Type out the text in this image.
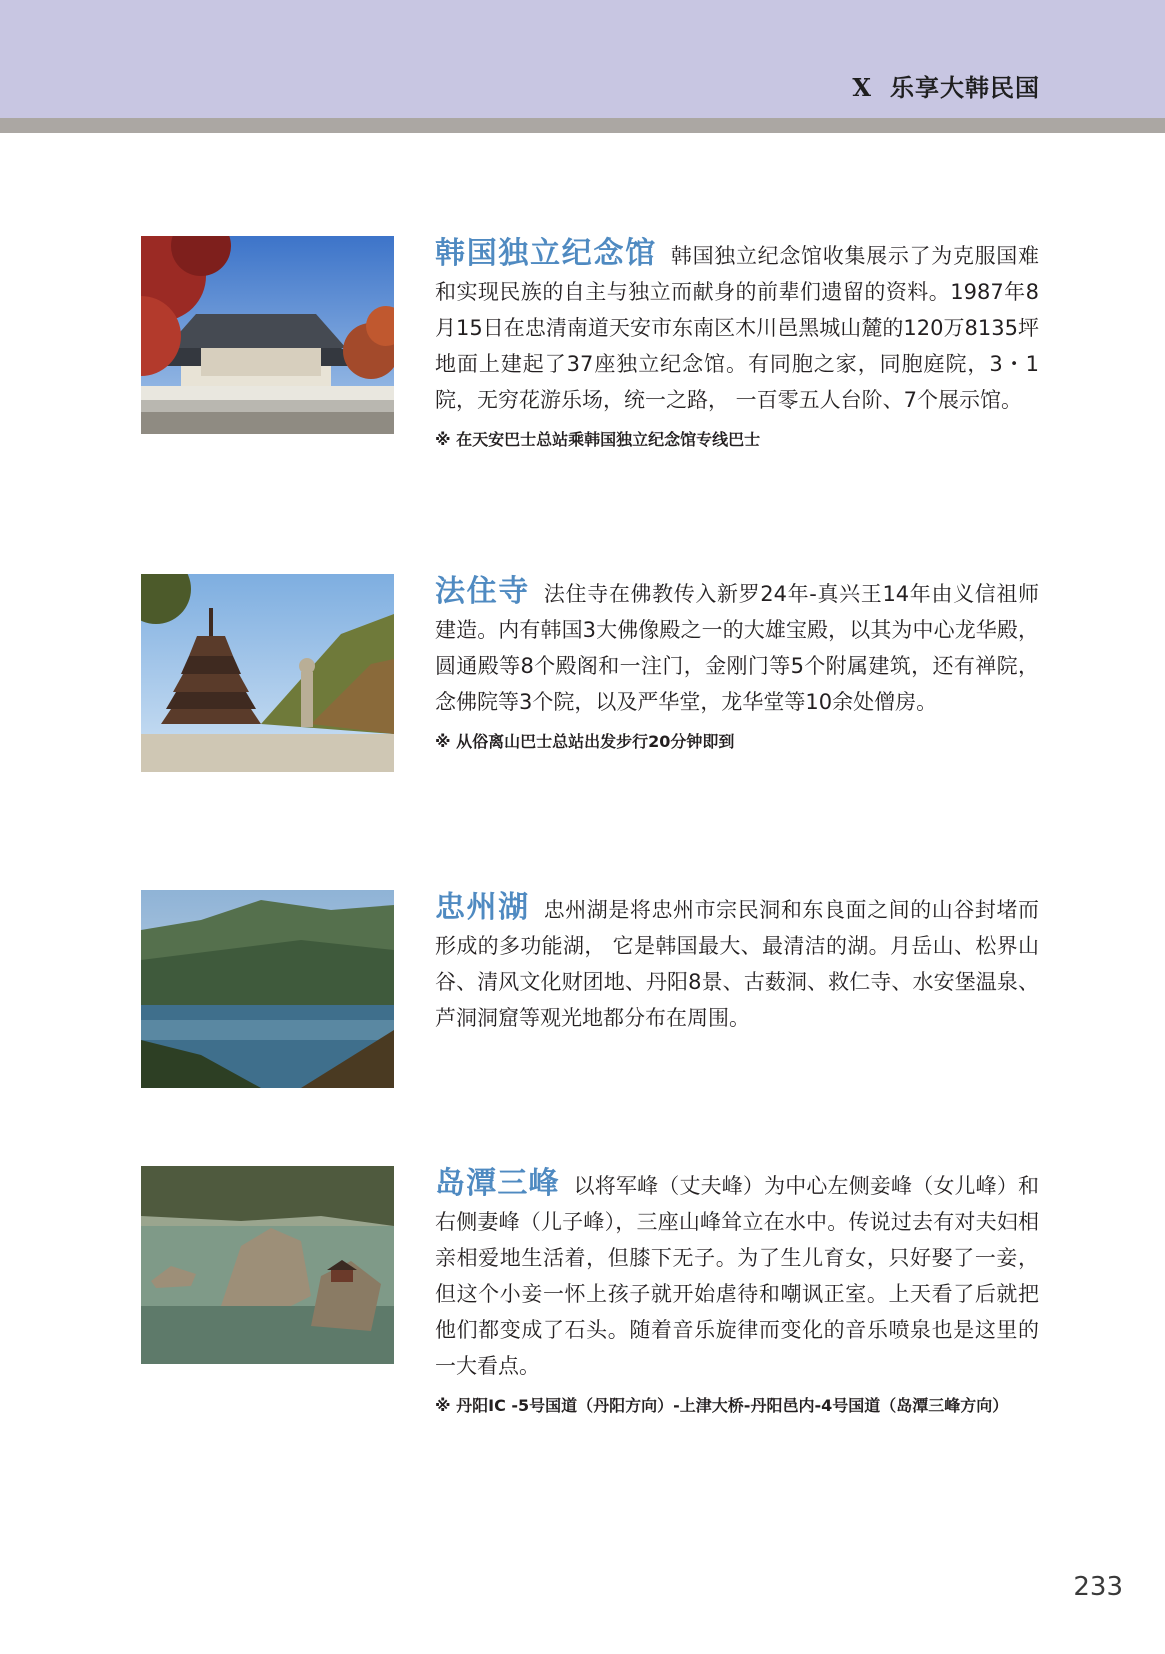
X 乐享大韩民国

韩国独立纪念馆 韩国独立纪念馆收集展示了为克服国难和实现民族的自主与独立而献身的前辈们遗留的资料。1987年8月15日在忠清南道天安市东南区木川邑黑城山麓的120万8135坪地面上建起了37座独立纪念馆。有同胞之家，同胞庭院，3・1院，无穷花游乐场，统一之路， 一百零五人台阶、7个展示馆。

※ 在天安巴士总站乘韩国独立纪念馆专线巴士

法住寺 法住寺在佛教传入新罗24年-真兴王14年由义信祖师建造。内有韩国3大佛像殿之一的大雄宝殿，以其为中心龙华殿，圆通殿等8个殿阁和一注门，金刚门等5个附属建筑，还有禅院，念佛院等3个院，以及严华堂，龙华堂等10余处僧房。

※ 从俗离山巴士总站出发步行20分钟即到

忠州湖 忠州湖是将忠州市宗民洞和东良面之间的山谷封堵而形成的多功能湖， 它是韩国最大、最清洁的湖。月岳山、松界山谷、清风文化财团地、丹阳8景、古薮洞、救仁寺、水安堡温泉、芦洞洞窟等观光地都分布在周围。

岛潭三峰 以将军峰（丈夫峰）为中心左侧妾峰（女儿峰）和右侧妻峰（儿子峰），三座山峰耸立在水中。传说过去有对夫妇相亲相爱地生活着，但膝下无子。为了生儿育女，只好娶了一妾，但这个小妾一怀上孩子就开始虐待和嘲讽正室。上天看了后就把他们都变成了石头。随着音乐旋律而变化的音乐喷泉也是这里的一大看点。

※ 丹阳IC -5号国道（丹阳方向）-上津大桥-丹阳邑内-4号国道（岛潭三峰方向）
233
